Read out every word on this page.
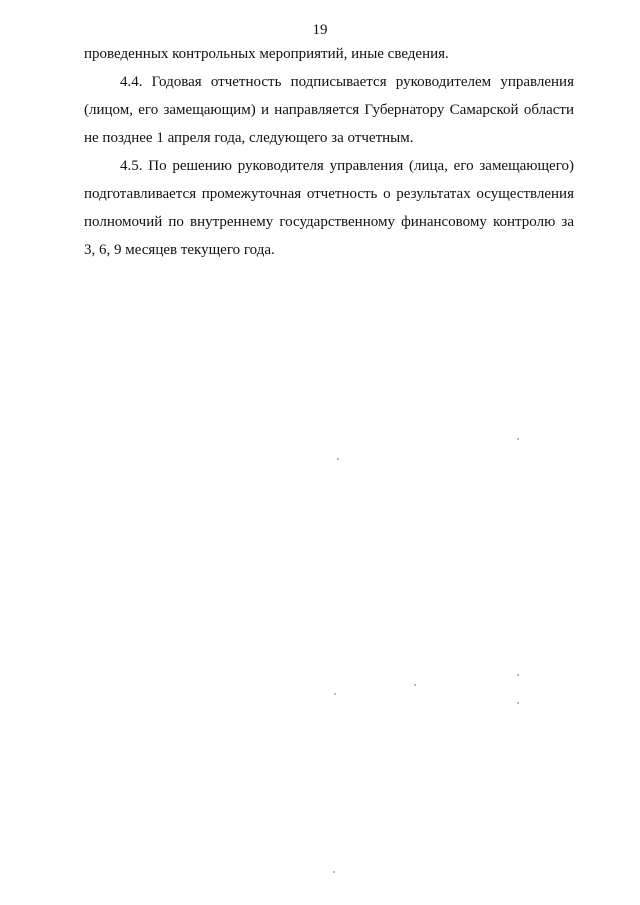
19

проведенных контрольных мероприятий, иные сведения.

4.4. Годовая отчетность подписывается руководителем управления (лицом, его замещающим) и направляется Губернатору Самарской области не позднее 1 апреля года, следующего за отчетным.

4.5. По решению руководителя управления (лица, его замещающего) подготавливается промежуточная отчетность о результатах осуществления полномочий по внутреннему государственному финансовому контролю за 3, 6, 9 месяцев текущего года.
